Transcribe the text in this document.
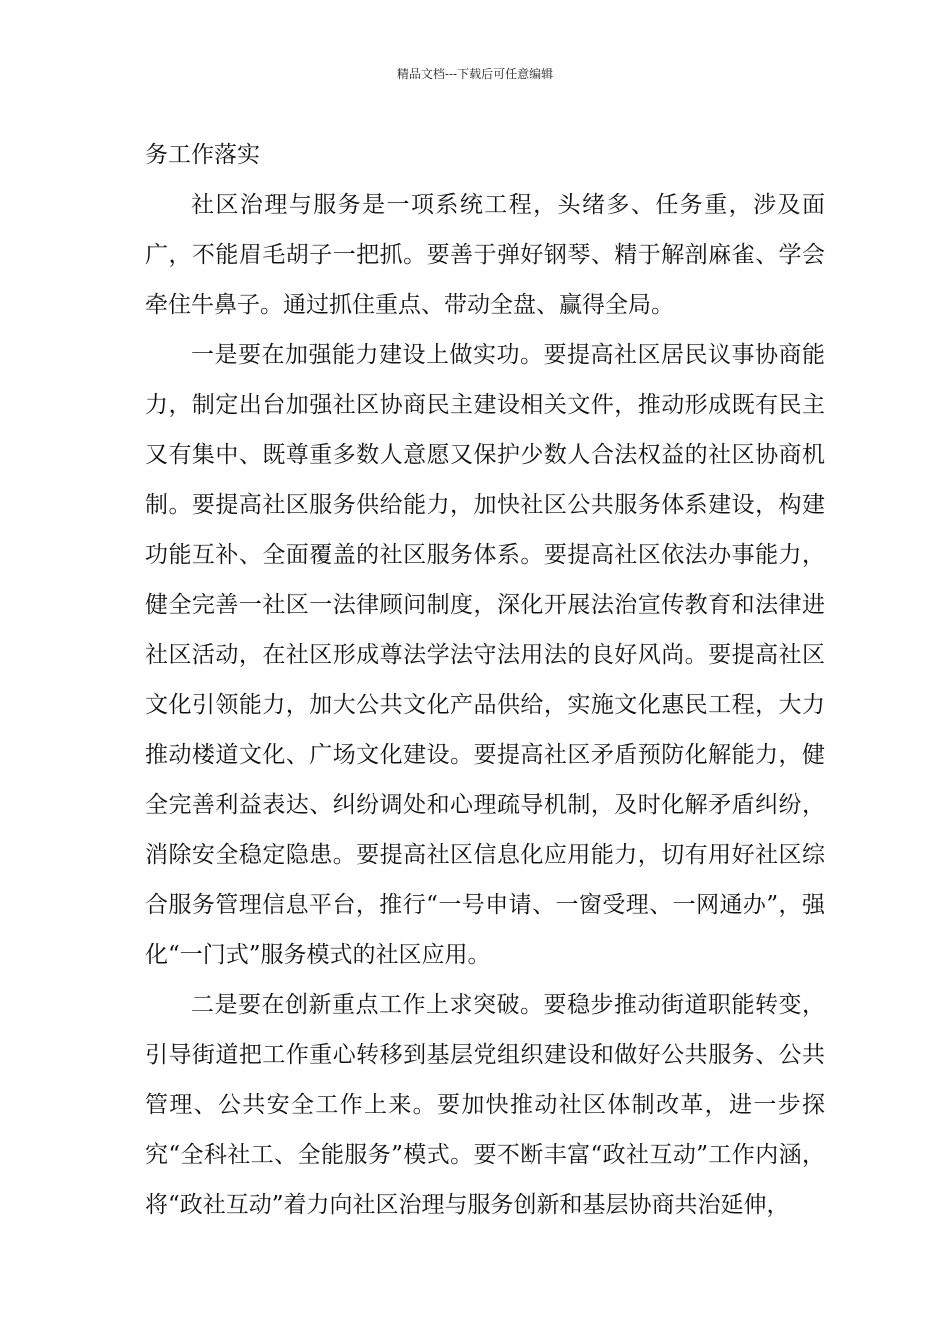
精品文档---下载后可任意编辑

务工作落实

社区治理与服务是一项系统工程，头绪多、任务重，涉及面广，不能眉毛胡子一把抓。要善于弹好钢琴、精于解剖麻雀、学会牵住牛鼻子。通过抓住重点、带动全盘、赢得全局。

一是要在加强能力建设上做实功。要提高社区居民议事协商能力，制定出台加强社区协商民主建设相关文件，推动形成既有民主又有集中、既尊重多数人意愿又保护少数人合法权益的社区协商机制。要提高社区服务供给能力，加快社区公共服务体系建设，构建功能互补、全面覆盖的社区服务体系。要提高社区依法办事能力，健全完善一社区一法律顾问制度，深化开展法治宣传教育和法律进社区活动，在社区形成尊法学法守法用法的良好风尚。要提高社区文化引领能力，加大公共文化产品供给，实施文化惠民工程，大力推动楼道文化、广场文化建设。要提高社区矛盾预防化解能力，健全完善利益表达、纠纷调处和心理疏导机制，及时化解矛盾纠纷，消除安全稳定隐患。要提高社区信息化应用能力，切有用好社区综合服务管理信息平台，推行“一号申请、一窗受理、一网通办”，强化“一门式”服务模式的社区应用。

二是要在创新重点工作上求突破。要稳步推动街道职能转变，引导街道把工作重心转移到基层党组织建设和做好公共服务、公共管理、公共安全工作上来。要加快推动社区体制改革，进一步探究“全科社工、全能服务”模式。要不断丰富“政社互动”工作内涵，将“政社互动”着力向社区治理与服务创新和基层协商共治延伸，
